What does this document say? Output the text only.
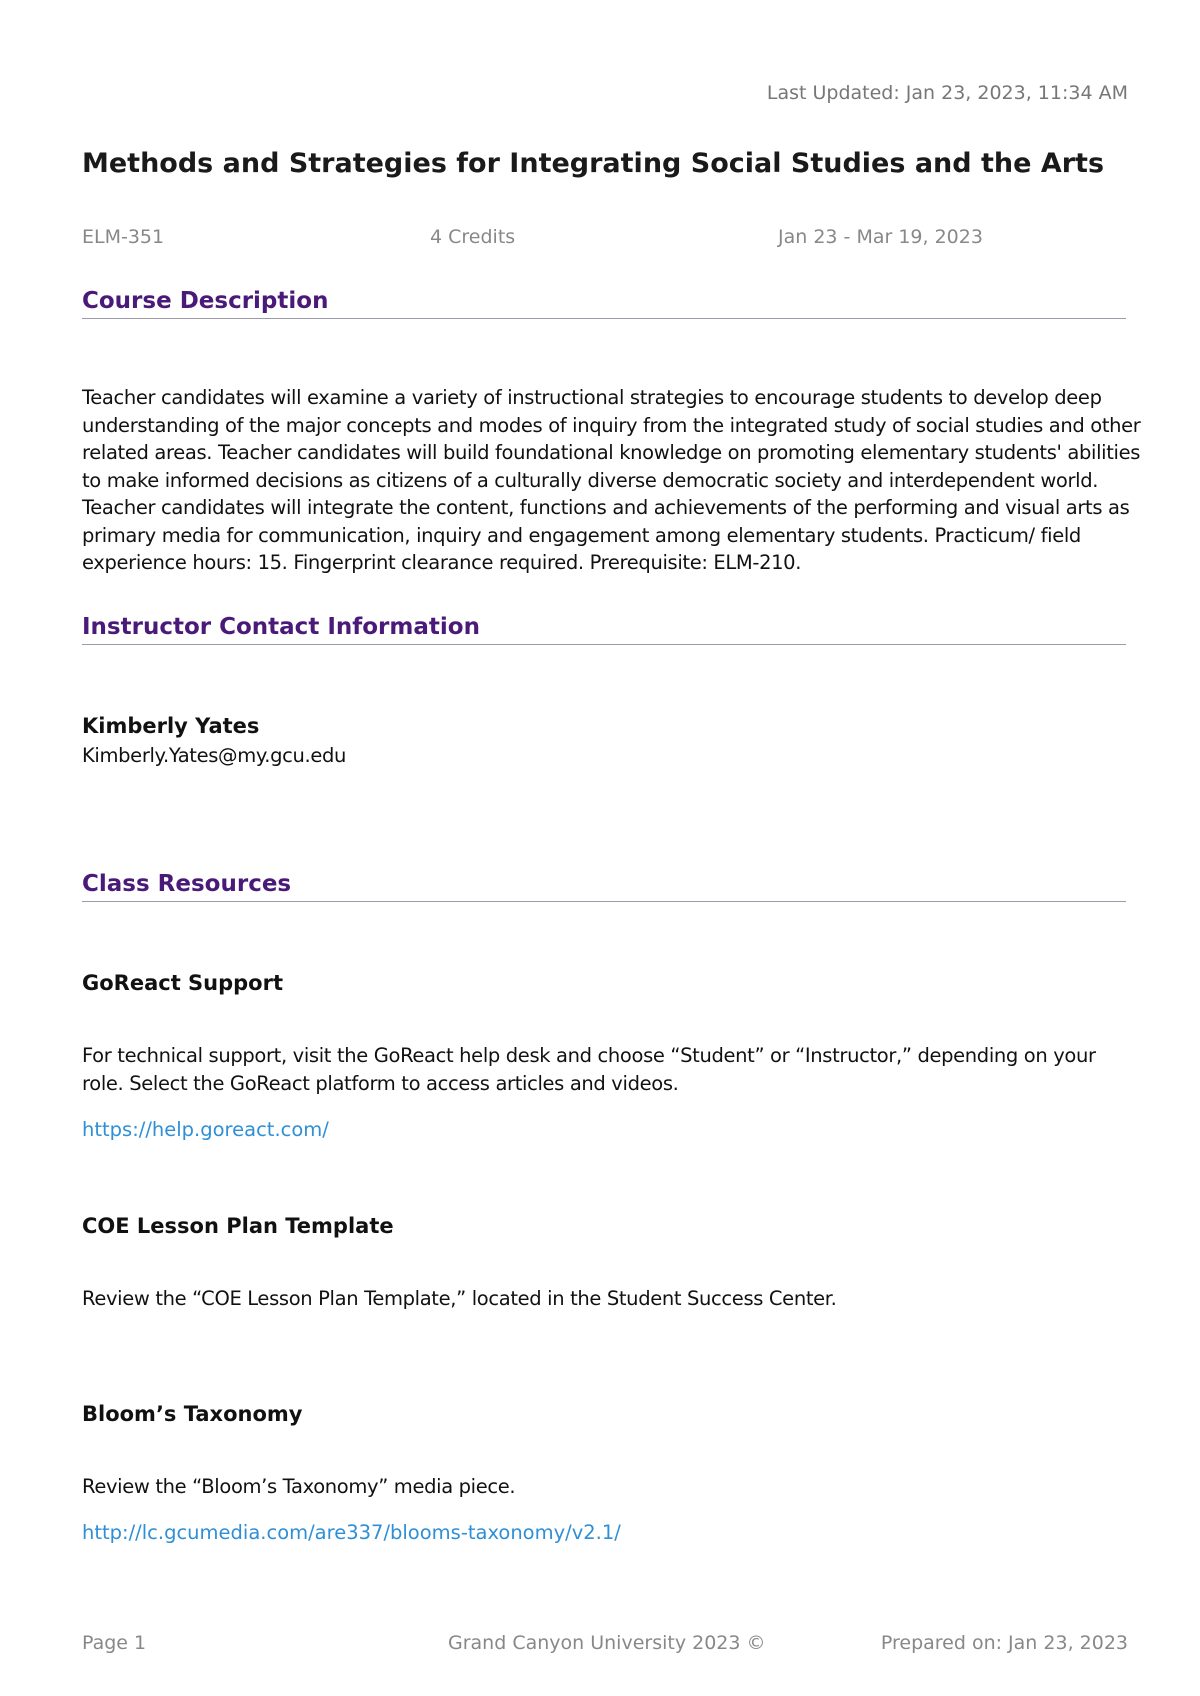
Last Updated: Jan 23, 2023, 11:34 AM
Methods and Strategies for Integrating Social Studies and the Arts
ELM-351	4 Credits	Jan 23 - Mar 19, 2023
Course Description
Teacher candidates will examine a variety of instructional strategies to encourage students to develop deep understanding of the major concepts and modes of inquiry from the integrated study of social studies and other related areas. Teacher candidates will build foundational knowledge on promoting elementary students' abilities to make informed decisions as citizens of a culturally diverse democratic society and interdependent world. Teacher candidates will integrate the content, functions and achievements of the performing and visual arts as primary media for communication, inquiry and engagement among elementary students. Practicum/ field experience hours: 15. Fingerprint clearance required. Prerequisite: ELM-210.
Instructor Contact Information
Kimberly Yates
Kimberly.Yates@my.gcu.edu
Class Resources
GoReact Support
For technical support, visit the GoReact help desk and choose “Student” or “Instructor,” depending on your role. Select the GoReact platform to access articles and videos.
https://help.goreact.com/
COE Lesson Plan Template
Review the “COE Lesson Plan Template,” located in the Student Success Center.
Bloom’s Taxonomy
Review the “Bloom’s Taxonomy” media piece.
http://lc.gcumedia.com/are337/blooms-taxonomy/v2.1/
Page 1	Grand Canyon University 2023 ©	Prepared on: Jan 23, 2023
